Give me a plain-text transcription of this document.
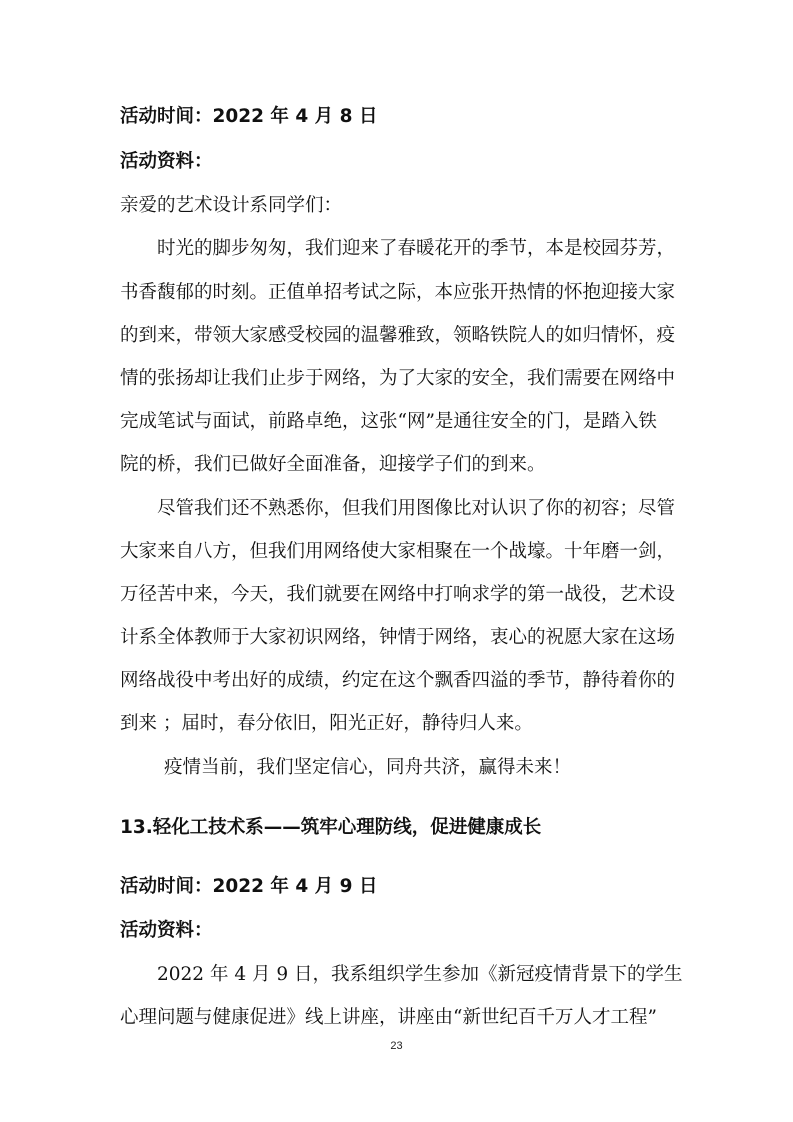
活动时间：2022 年 4 月 8 日
活动资料：
亲爱的艺术设计系同学们：
时光的脚步匆匆，我们迎来了春暖花开的季节，本是校园芬芳，
书香馥郁的时刻。正值单招考试之际，本应张开热情的怀抱迎接大家
的到来，带领大家感受校园的温馨雅致，领略铁院人的如归情怀，疫
情的张扬却让我们止步于网络，为了大家的安全，我们需要在网络中
完成笔试与面试，前路卓绝，这张“网”是通往安全的门，是踏入铁
院的桥，我们已做好全面准备，迎接学子们的到来。
尽管我们还不熟悉你，但我们用图像比对认识了你的初容；尽管
大家来自八方，但我们用网络使大家相聚在一个战壕。十年磨一剑，
万径苦中来，今天，我们就要在网络中打响求学的第一战役，艺术设
计系全体教师于大家初识网络，钟情于网络，衷心的祝愿大家在这场
网络战役中考出好的成绩，约定在这个飘香四溢的季节，静待着你的
到来 ；届时，春分依旧，阳光正好，静待归人来。
疫情当前，我们坚定信心，同舟共济，赢得未来！
13.轻化工技术系——筑牢心理防线，促进健康成长
活动时间：2022 年 4 月 9 日
活动资料：
2022 年 4 月 9 日，我系组织学生参加《新冠疫情背景下的学生
心理问题与健康促进》线上讲座，讲座由“新世纪百千万人才工程”
23
